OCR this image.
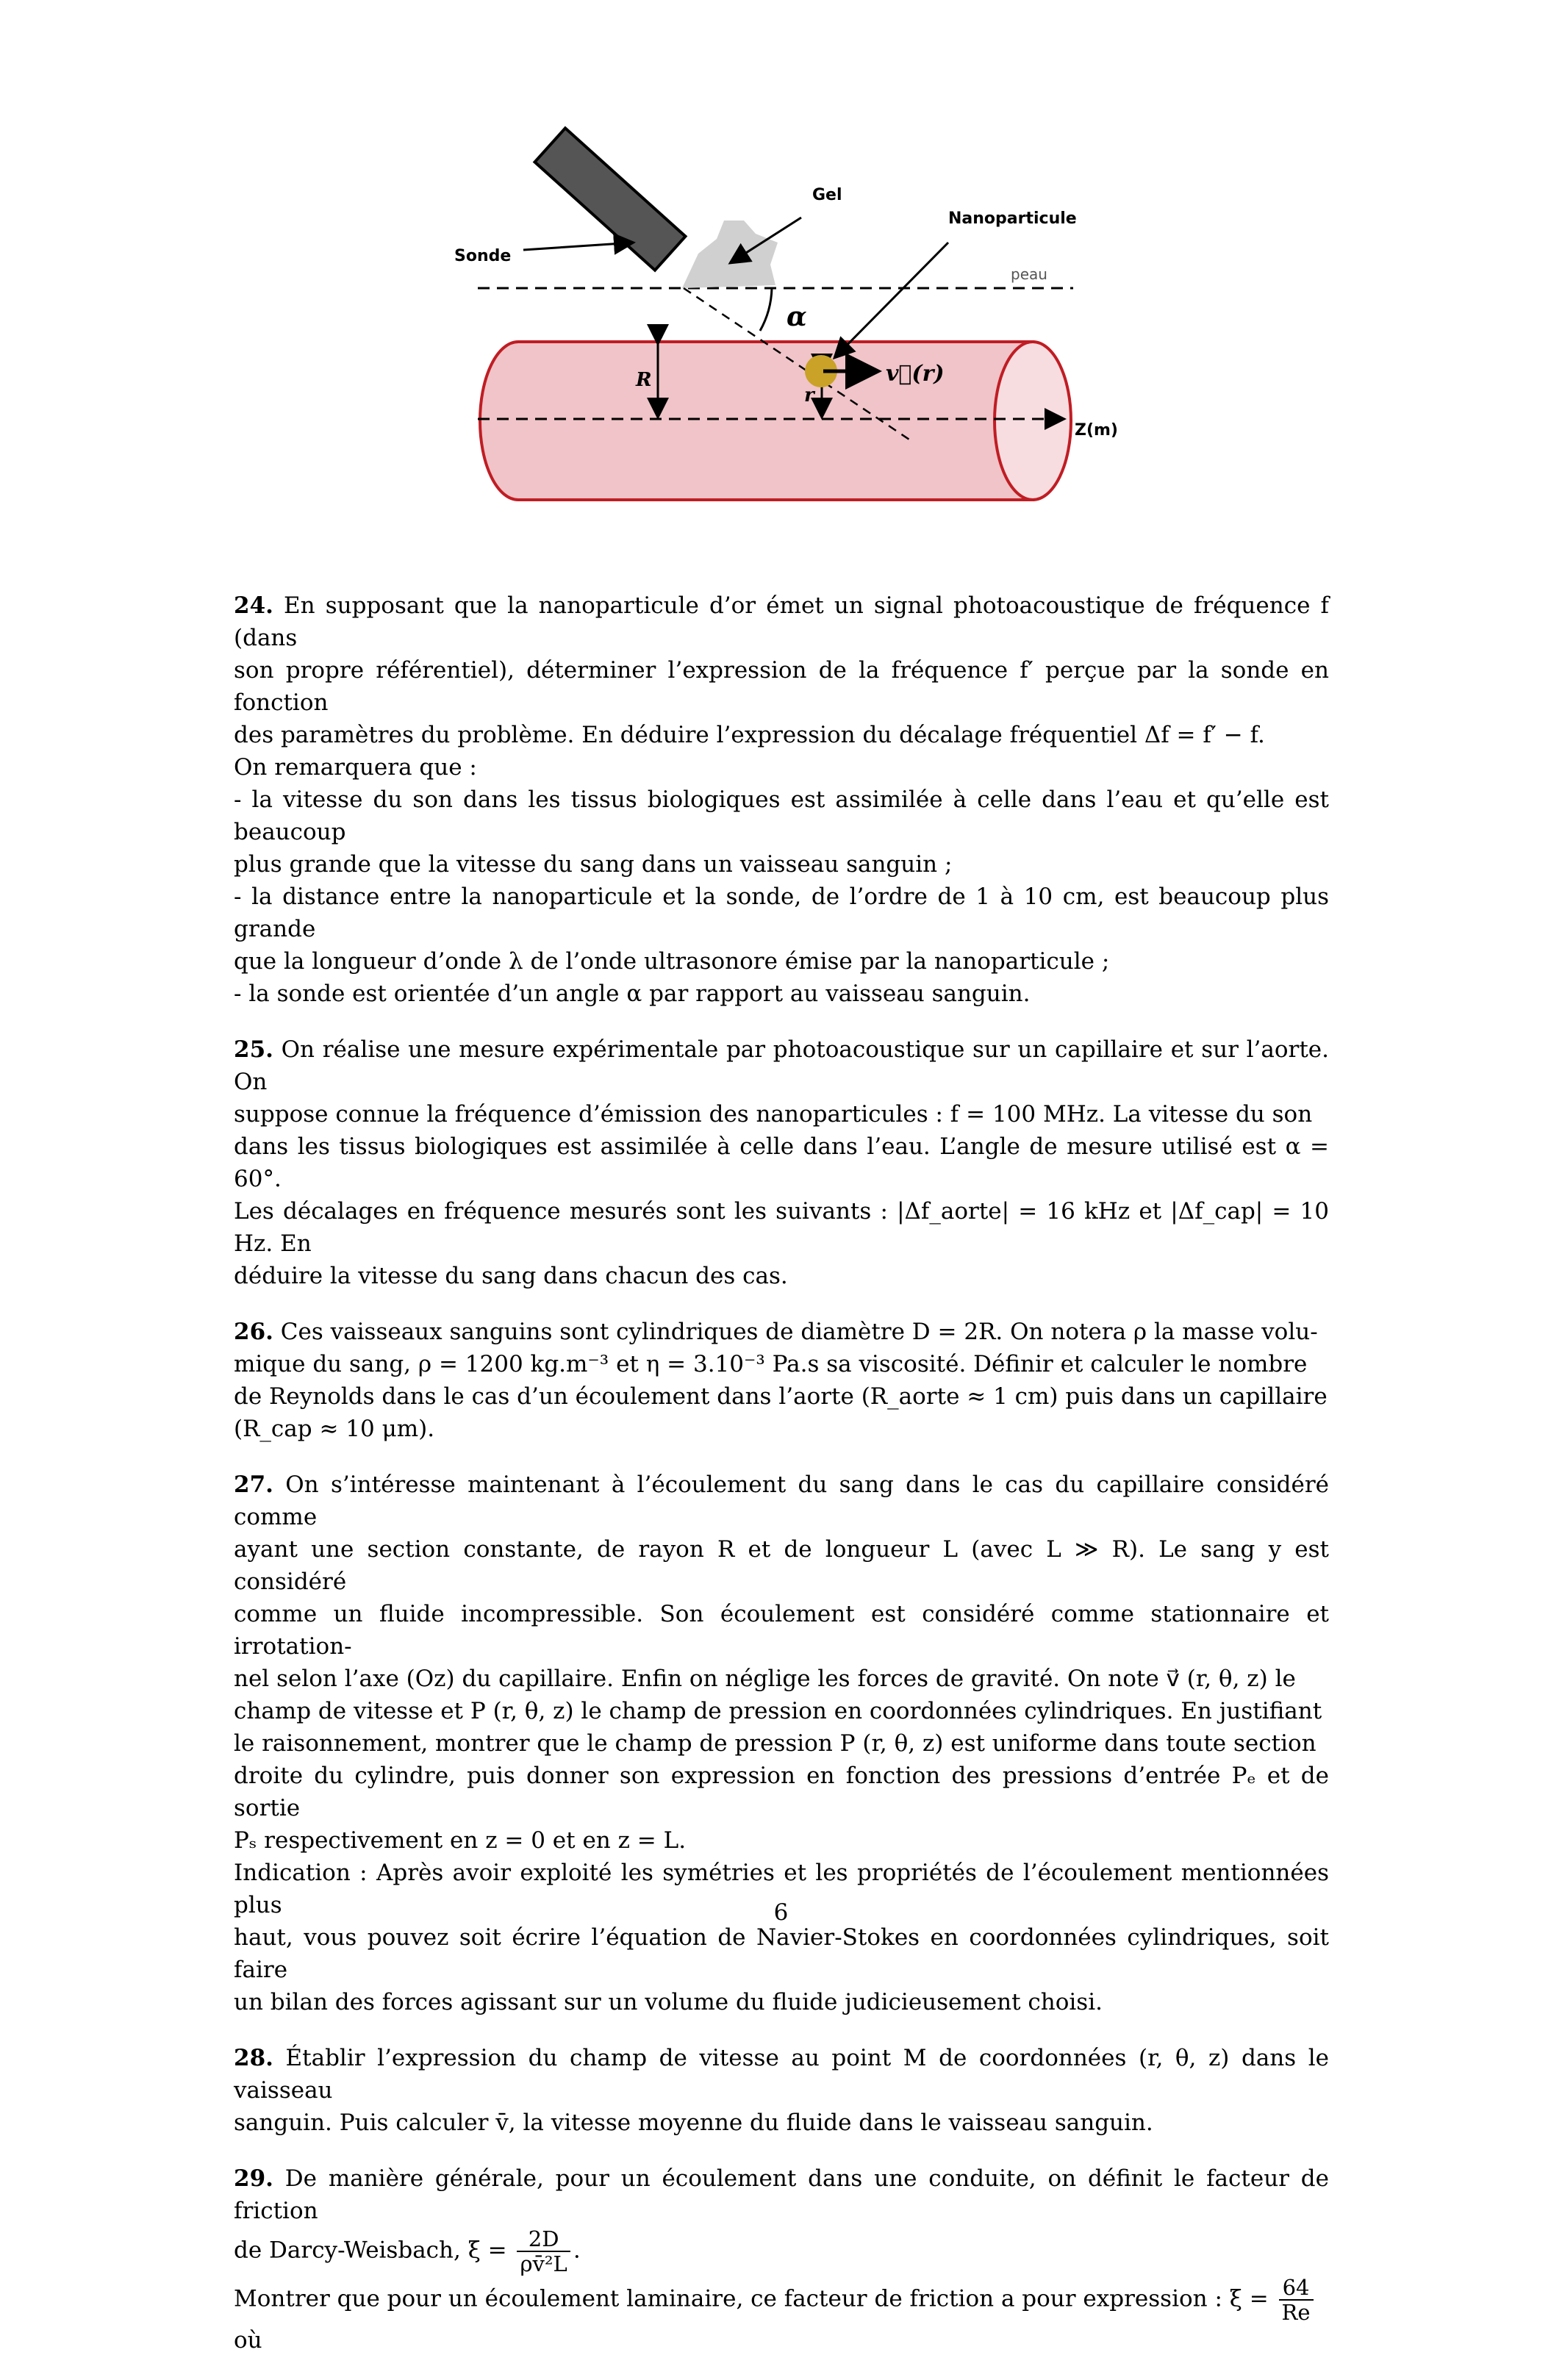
Gel
Nanoparticule
Sonde
peau
α
R
r
v⃗(r)
Z(m)
24. En supposant que la nanoparticule d’or émet un signal photoacoustique de fréquence f (dans
son propre référentiel), déterminer l’expression de la fréquence f′ perçue par la sonde en fonction
des paramètres du problème. En déduire l’expression du décalage fréquentiel Δf = f′ − f.
On remarquera que :
- la vitesse du son dans les tissus biologiques est assimilée à celle dans l’eau et qu’elle est beaucoup
plus grande que la vitesse du sang dans un vaisseau sanguin ;
- la distance entre la nanoparticule et la sonde, de l’ordre de 1 à 10 cm, est beaucoup plus grande
que la longueur d’onde λ de l’onde ultrasonore émise par la nanoparticule ;
- la sonde est orientée d’un angle α par rapport au vaisseau sanguin.
25. On réalise une mesure expérimentale par photoacoustique sur un capillaire et sur l’aorte. On
suppose connue la fréquence d’émission des nanoparticules : f = 100 MHz. La vitesse du son
dans les tissus biologiques est assimilée à celle dans l’eau. L’angle de mesure utilisé est α = 60°.
Les décalages en fréquence mesurés sont les suivants : |Δf_aorte| = 16 kHz et |Δf_cap| = 10 Hz. En
déduire la vitesse du sang dans chacun des cas.
26. Ces vaisseaux sanguins sont cylindriques de diamètre D = 2R. On notera ρ la masse volu-
mique du sang, ρ = 1200 kg.m⁻³ et η = 3.10⁻³ Pa.s sa viscosité. Définir et calculer le nombre
de Reynolds dans le cas d’un écoulement dans l’aorte (R_aorte ≈ 1 cm) puis dans un capillaire
(R_cap ≈ 10 μm).
27. On s’intéresse maintenant à l’écoulement du sang dans le cas du capillaire considéré comme
ayant une section constante, de rayon R et de longueur L (avec L ≫ R). Le sang y est considéré
comme un fluide incompressible. Son écoulement est considéré comme stationnaire et irrotation-
nel selon l’axe (Oz) du capillaire. Enfin on néglige les forces de gravité. On note v⃗ (r, θ, z) le
champ de vitesse et P (r, θ, z) le champ de pression en coordonnées cylindriques. En justifiant
le raisonnement, montrer que le champ de pression P (r, θ, z) est uniforme dans toute section
droite du cylindre, puis donner son expression en fonction des pressions d’entrée Pₑ et de sortie
Pₛ respectivement en z = 0 et en z = L.
Indication : Après avoir exploité les symétries et les propriétés de l’écoulement mentionnées plus
haut, vous pouvez soit écrire l’équation de Navier-Stokes en coordonnées cylindriques, soit faire
un bilan des forces agissant sur un volume du fluide judicieusement choisi.
28. Établir l’expression du champ de vitesse au point M de coordonnées (r, θ, z) dans le vaisseau
sanguin. Puis calculer v̄, la vitesse moyenne du fluide dans le vaisseau sanguin.
29. De manière générale, pour un écoulement dans une conduite, on définit le facteur de friction
de Darcy-Weisbach, $\xi = \frac{2D}{\text{ρv̄²L}}$ .
Montrer que pour un écoulement laminaire, ce facteur de friction a pour expression : $\xi = \frac{64}{Re}$
où
6
